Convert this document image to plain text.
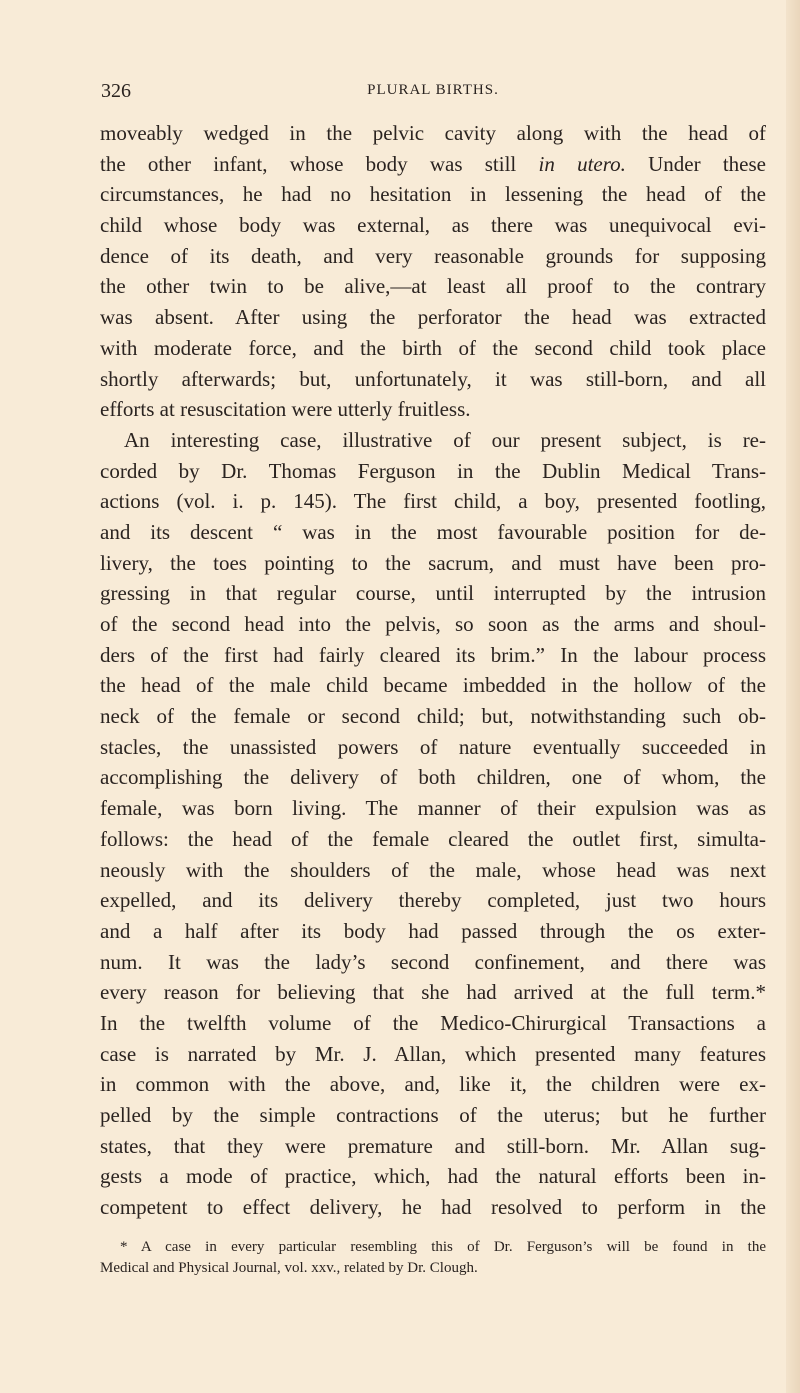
326	PLURAL BIRTHS.
moveably wedged in the pelvic cavity along with the head of
the other infant, whose body was still in utero. Under these
circumstances, he had no hesitation in lessening the head of the
child whose body was external, as there was unequivocal evi-
dence of its death, and very reasonable grounds for supposing
the other twin to be alive,—at least all proof to the contrary
was absent. After using the perforator the head was extracted
with moderate force, and the birth of the second child took place
shortly afterwards; but, unfortunately, it was still-born, and all
efforts at resuscitation were utterly fruitless.
An interesting case, illustrative of our present subject, is re-
corded by Dr. Thomas Ferguson in the Dublin Medical Trans-
actions (vol. i. p. 145). The first child, a boy, presented footling,
and its descent “ was in the most favourable position for de-
livery, the toes pointing to the sacrum, and must have been pro-
gressing in that regular course, until interrupted by the intrusion
of the second head into the pelvis, so soon as the arms and shoul-
ders of the first had fairly cleared its brim.” In the labour process
the head of the male child became imbedded in the hollow of the
neck of the female or second child; but, notwithstanding such ob-
stacles, the unassisted powers of nature eventually succeeded in
accomplishing the delivery of both children, one of whom, the
female, was born living. The manner of their expulsion was as
follows: the head of the female cleared the outlet first, simulta-
neously with the shoulders of the male, whose head was next
expelled, and its delivery thereby completed, just two hours
and a half after its body had passed through the os exter-
num. It was the lady’s second confinement, and there was
every reason for believing that she had arrived at the full term.*
In the twelfth volume of the Medico-Chirurgical Transactions a
case is narrated by Mr. J. Allan, which presented many features
in common with the above, and, like it, the children were ex-
pelled by the simple contractions of the uterus; but he further
states, that they were premature and still-born. Mr. Allan sug-
gests a mode of practice, which, had the natural efforts been in-
competent to effect delivery, he had resolved to perform in the
* A case in every particular resembling this of Dr. Ferguson’s will be found in the
Medical and Physical Journal, vol. xxv., related by Dr. Clough.
